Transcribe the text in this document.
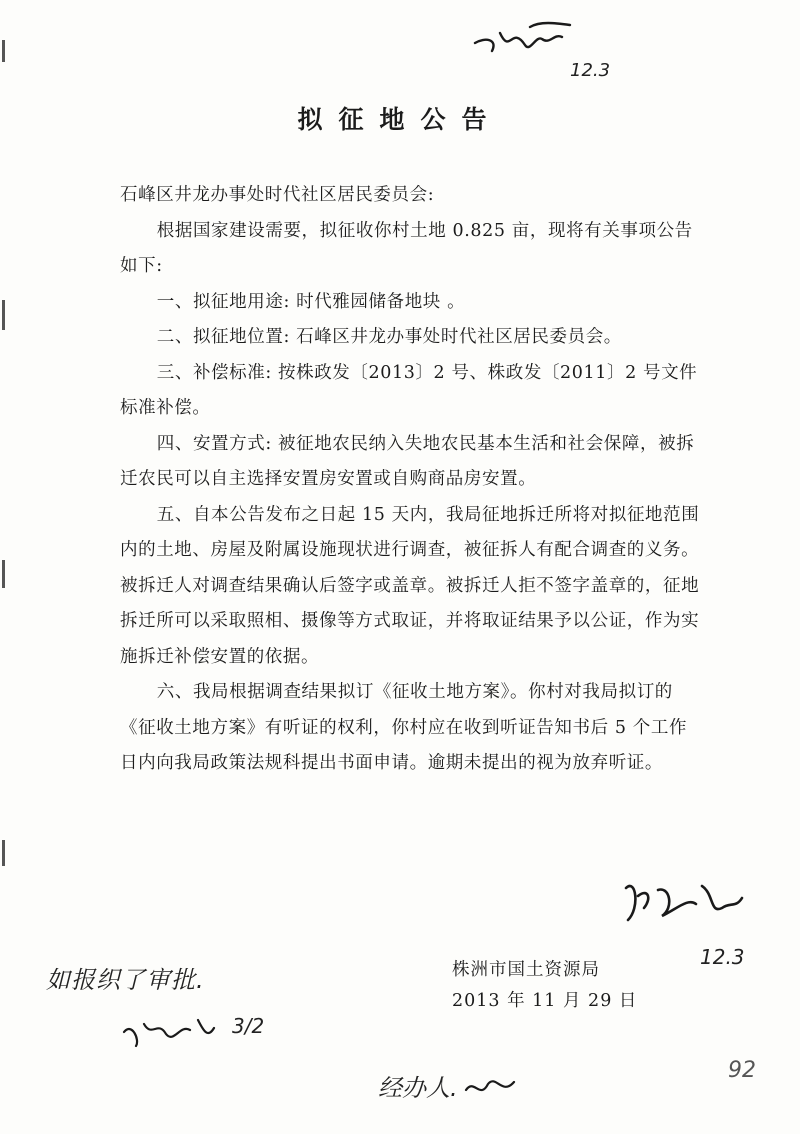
12.3
拟征地公告

石峰区井龙办事处时代社区居民委员会:

根据国家建设需要，拟征收你村土地 0.825 亩，现将有关事项公告如下:

一、拟征地用途: 时代雅园储备地块 。

二、拟征地位置: 石峰区井龙办事处时代社区居民委员会。

三、补偿标准: 按株政发〔2013〕2 号、株政发〔2011〕2 号文件标准补偿。

四、安置方式: 被征地农民纳入失地农民基本生活和社会保障，被拆迁农民可以自主选择安置房安置或自购商品房安置。

五、自本公告发布之日起 15 天内，我局征地拆迁所将对拟征地范围内的土地、房屋及附属设施现状进行调查，被征拆人有配合调查的义务。被拆迁人对调查结果确认后签字或盖章。被拆迁人拒不签字盖章的，征地拆迁所可以采取照相、摄像等方式取证，并将取证结果予以公证，作为实施拆迁补偿安置的依据。

六、我局根据调查结果拟订《征收土地方案》。你村对我局拟订的《征收土地方案》有听证的权利，你村应在收到听证告知书后 5 个工作日内向我局政策法规科提出书面申请。逾期未提出的视为放弃听证。

12.3
株洲市国土资源局
2013 年 11 月 29 日
如报织了审批.
3/2
经办人.
92
